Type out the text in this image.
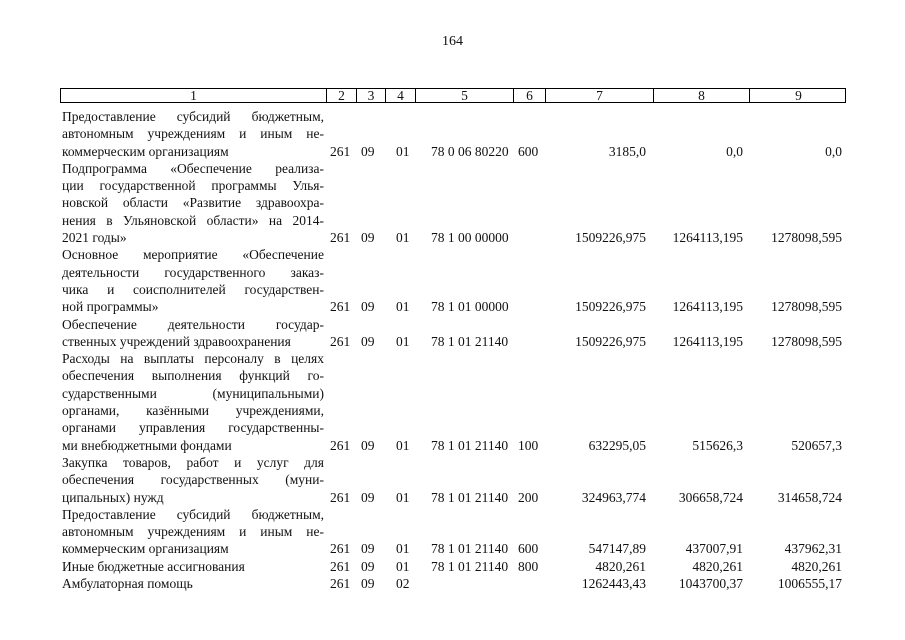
164
1	2	3	4	5	6	7	8	9
Предоставление субсидий бюджетным,
автономным учреждениям и иным не-
коммерческим организациям	261 09 01 78 0 06 80220 600	3185,0	0,0	0,0
Подпрограмма «Обеспечение реализа-
ции государственной программы Улья-
новской области «Развитие здравоохра-
нения в Ульяновской области» на 2014-
2021 годы»	261 09 01 78 1 00 00000	1509226,975 1264113,195 1278098,595
Основное мероприятие «Обеспечение
деятельности государственного заказ-
чика и соисполнителей государствен-
ной программы»	261 09 01 78 1 01 00000	1509226,975 1264113,195 1278098,595
Обеспечение деятельности государ-
ственных учреждений здравоохранения	261 09 01 78 1 01 21140	1509226,975 1264113,195 1278098,595
Расходы на выплаты персоналу в целях
обеспечения выполнения функций го-
сударственными (муниципальными)
органами, казёнными учреждениями,
органами управления государственны-
ми внебюджетными фондами	261 09 01 78 1 01 21140 100	632295,05	515626,3	520657,3
Закупка товаров, работ и услуг для
обеспечения государственных (муни-
ципальных) нужд	261 09 01 78 1 01 21140 200	324963,774 306658,724	314658,724
Предоставление субсидий бюджетным,
автономным учреждениям и иным не-
коммерческим организациям	261 09 01 78 1 01 21140 600	547147,89	437007,91	437962,31
Иные бюджетные ассигнования	261 09 01 78 1 01 21140 800	4820,261	4820,261	4820,261
Амбулаторная помощь	261 09 02	1262443,43 1043700,37	1006555,17
